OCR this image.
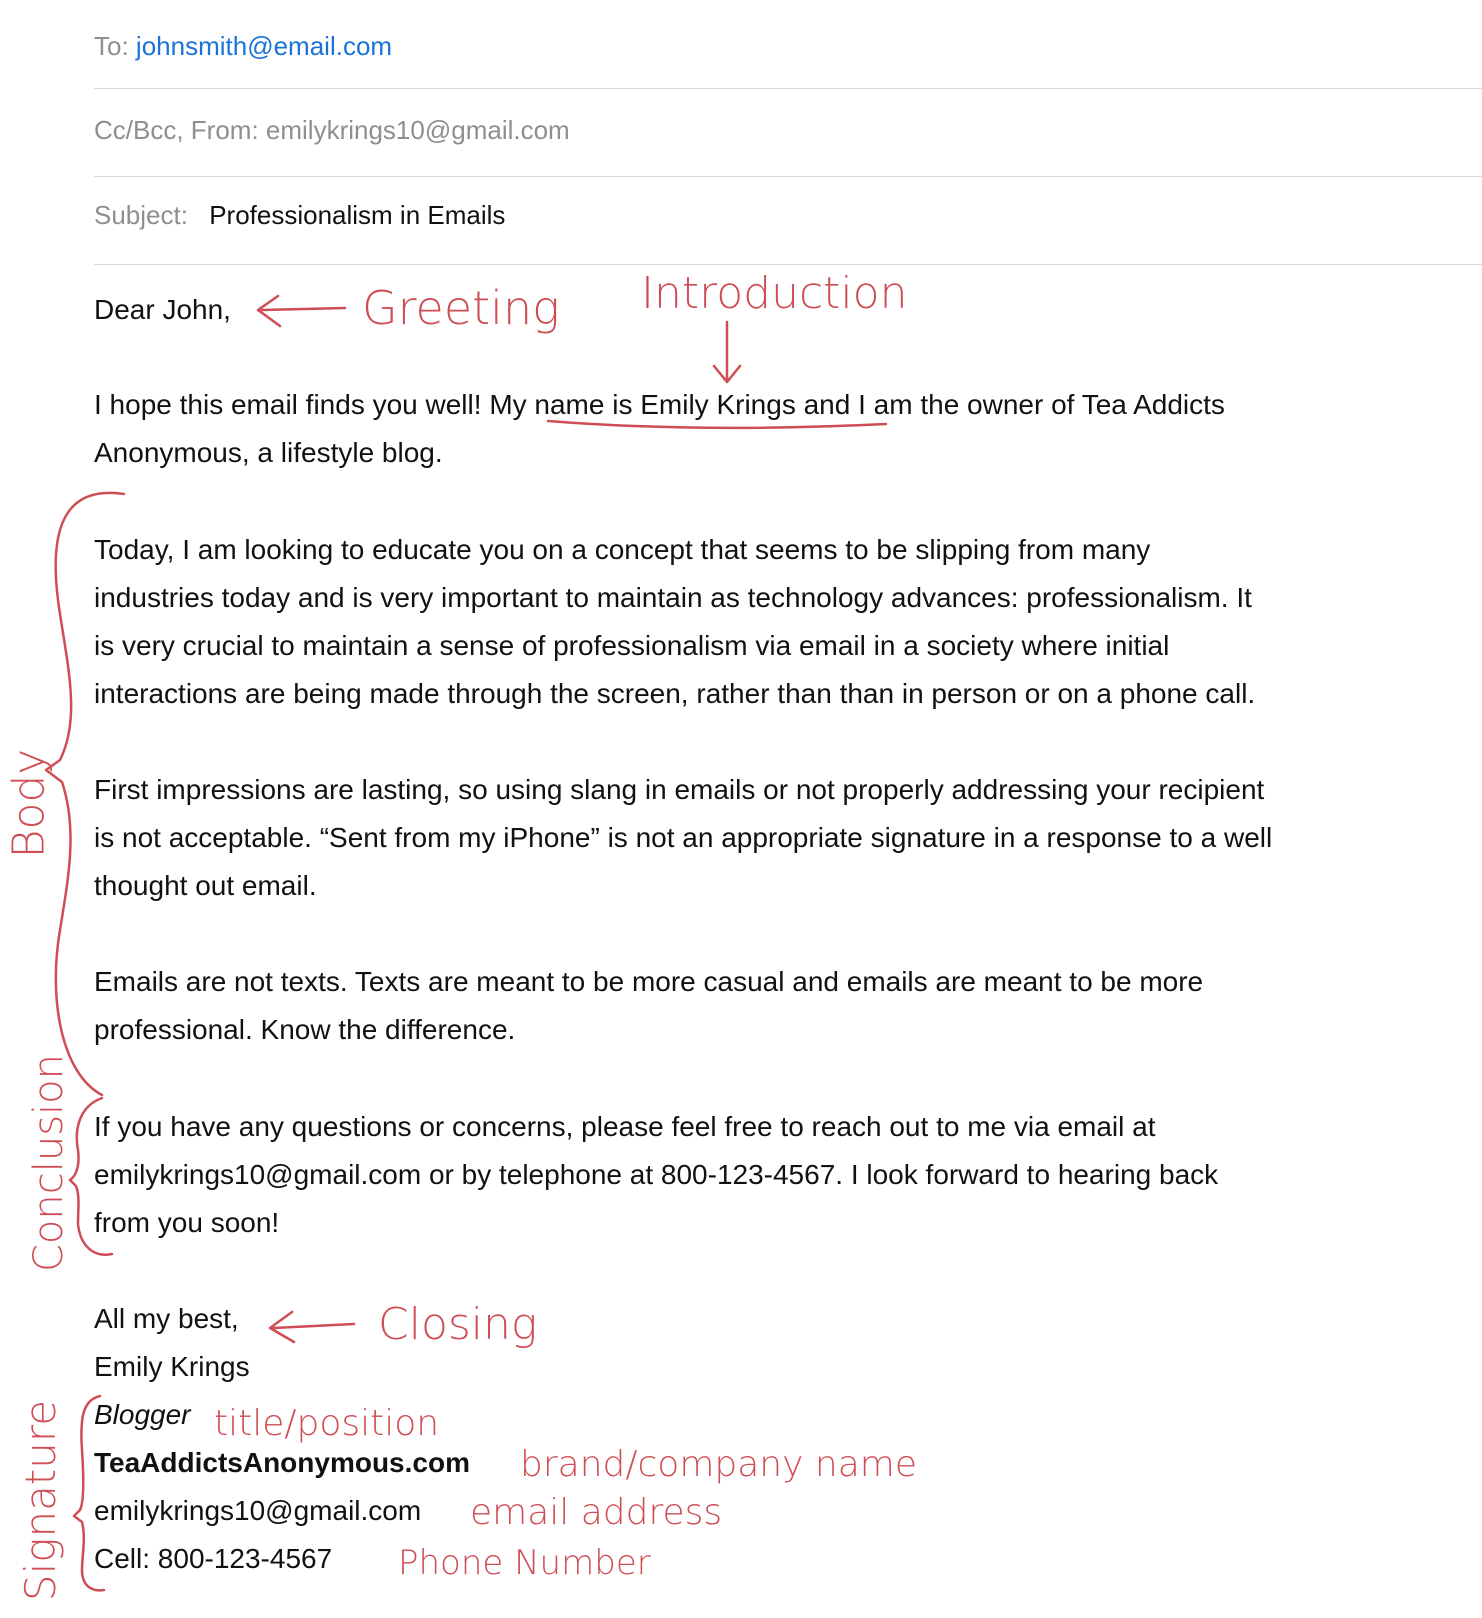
To: johnsmith@email.com
Cc/Bcc, From: emilykrings10@gmail.com
Subject: Professionalism in Emails
Dear John,
I hope this email finds you well! My name is Emily Krings and I am the owner of Tea Addicts
Anonymous, a lifestyle blog.
Today, I am looking to educate you on a concept that seems to be slipping from many
industries today and is very important to maintain as technology advances: professionalism. It
is very crucial to maintain a sense of professionalism via email in a society where initial
interactions are being made through the screen, rather than than in person or on a phone call.
First impressions are lasting, so using slang in emails or not properly addressing your recipient
is not acceptable. “Sent from my iPhone” is not an appropriate signature in a response to a well
thought out email.
Emails are not texts. Texts are meant to be more casual and emails are meant to be more
professional. Know the difference.
If you have any questions or concerns, please feel free to reach out to me via email at
emilykrings10@gmail.com or by telephone at 800-123-4567. I look forward to hearing back
from you soon!
All my best,
Emily Krings
Blogger
TeaAddictsAnonymous.com
emilykrings10@gmail.com
Cell: 800-123-4567
Greeting Introduction
Body
Conclusion
Closing
Signature	title/position
brand/company name
email address
Phone Number
